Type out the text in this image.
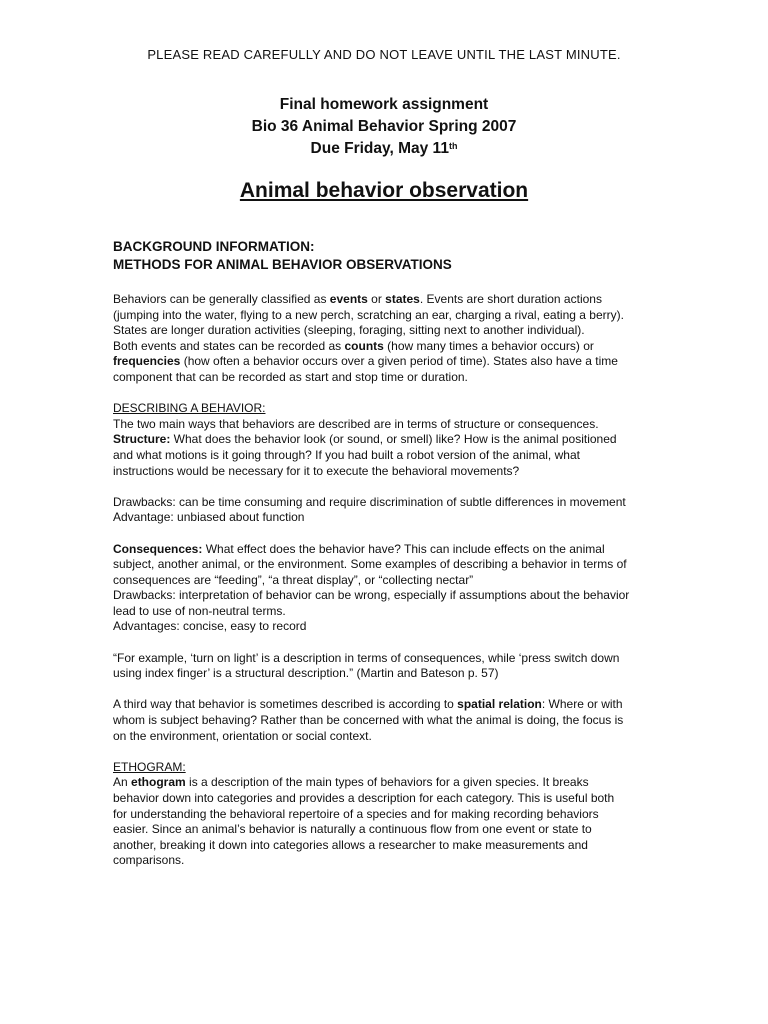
PLEASE READ CAREFULLY AND DO NOT LEAVE UNTIL THE LAST MINUTE.
Final homework assignment
Bio 36 Animal Behavior Spring 2007
Due Friday, May 11th
Animal behavior observation
BACKGROUND INFORMATION:
METHODS FOR ANIMAL BEHAVIOR OBSERVATIONS

Behaviors can be generally classified as events or states. Events are short duration actions
(jumping into the water, flying to a new perch, scratching an ear, charging a rival, eating a berry).
States are longer duration activities (sleeping, foraging, sitting next to another individual).
Both events and states can be recorded as counts (how many times a behavior occurs) or
frequencies (how often a behavior occurs over a given period of time). States also have a time
component that can be recorded as start and stop time or duration.

DESCRIBING A BEHAVIOR:
The two main ways that behaviors are described are in terms of structure or consequences.
Structure: What does the behavior look (or sound, or smell) like? How is the animal positioned
and what motions is it going through? If you had built a robot version of the animal, what
instructions would be necessary for it to execute the behavioral movements?

Drawbacks: can be time consuming and require discrimination of subtle differences in movement
Advantage: unbiased about function

Consequences: What effect does the behavior have? This can include effects on the animal
subject, another animal, or the environment. Some examples of describing a behavior in terms of
consequences are “feeding”, “a threat display”, or “collecting nectar”
Drawbacks: interpretation of behavior can be wrong, especially if assumptions about the behavior
lead to use of non-neutral terms.
Advantages: concise, easy to record

“For example, ‘turn on light’ is a description in terms of consequences, while ‘press switch down
using index finger’ is a structural description.” (Martin and Bateson p. 57)

A third way that behavior is sometimes described is according to spatial relation: Where or with
whom is subject behaving? Rather than be concerned with what the animal is doing, the focus is
on the environment, orientation or social context.

ETHOGRAM:
An ethogram is a description of the main types of behaviors for a given species. It breaks
behavior down into categories and provides a description for each category. This is useful both
for understanding the behavioral repertoire of a species and for making recording behaviors
easier. Since an animal’s behavior is naturally a continuous flow from one event or state to
another, breaking it down into categories allows a researcher to make measurements and
comparisons.
